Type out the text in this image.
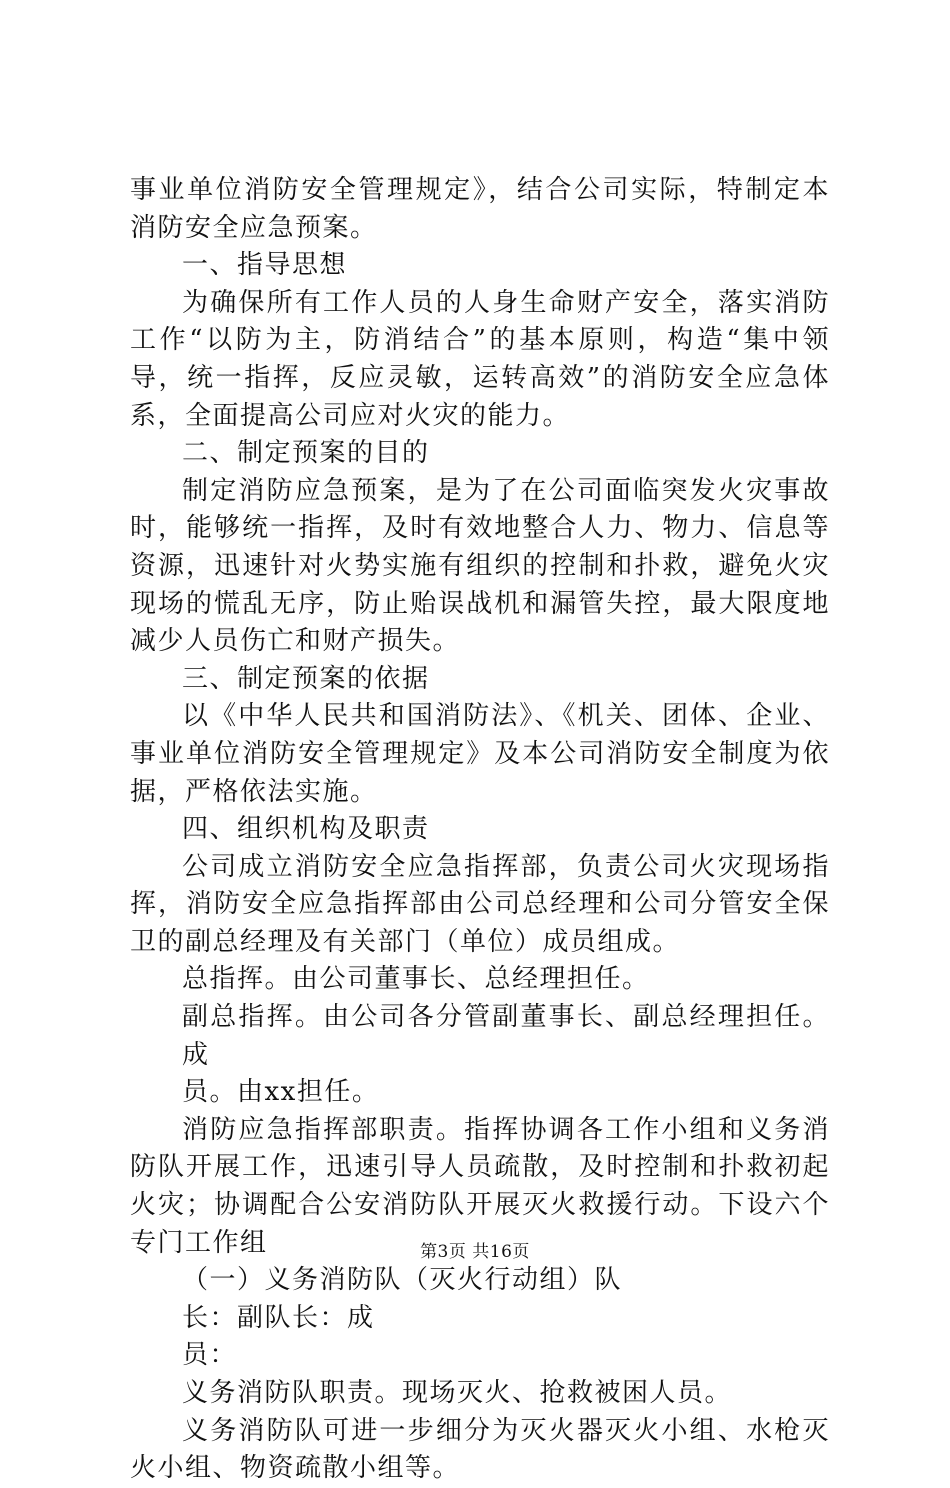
事业单位消防安全管理规定》，结合公司实际，特制定本消防安全应急预案。

一、指导思想

为确保所有工作人员的人身生命财产安全，落实消防工作“以防为主，防消结合”的基本原则，构造“集中领导，统一指挥，反应灵敏，运转高效”的消防安全应急体系，全面提高公司应对火灾的能力。

二、制定预案的目的

制定消防应急预案，是为了在公司面临突发火灾事故时，能够统一指挥，及时有效地整合人力、物力、信息等资源，迅速针对火势实施有组织的控制和扑救，避免火灾现场的慌乱无序，防止贻误战机和漏管失控，最大限度地减少人员伤亡和财产损失。

三、制定预案的依据

以《中华人民共和国消防法》、《机关、团体、企业、事业单位消防安全管理规定》及本公司消防安全制度为依据，严格依法实施。

四、组织机构及职责

公司成立消防安全应急指挥部，负责公司火灾现场指挥，消防安全应急指挥部由公司总经理和公司分管安全保卫的副总经理及有关部门（单位）成员组成。

总指挥。由公司董事长、总经理担任。

副总指挥。由公司各分管副董事长、副总经理担任。成

员。由xx担任。

消防应急指挥部职责。指挥协调各工作小组和义务消防队开展工作，迅速引导人员疏散，及时控制和扑救初起火灾；协调配合公安消防队开展灭火救援行动。下设六个专门工作组

（一）义务消防队（灭火行动组）队

长：副队长：成

员：

义务消防队职责。现场灭火、抢救被困人员。

义务消防队可进一步细分为灭火器灭火小组、水枪灭火小组、物资疏散小组等。

第3页 共16页
